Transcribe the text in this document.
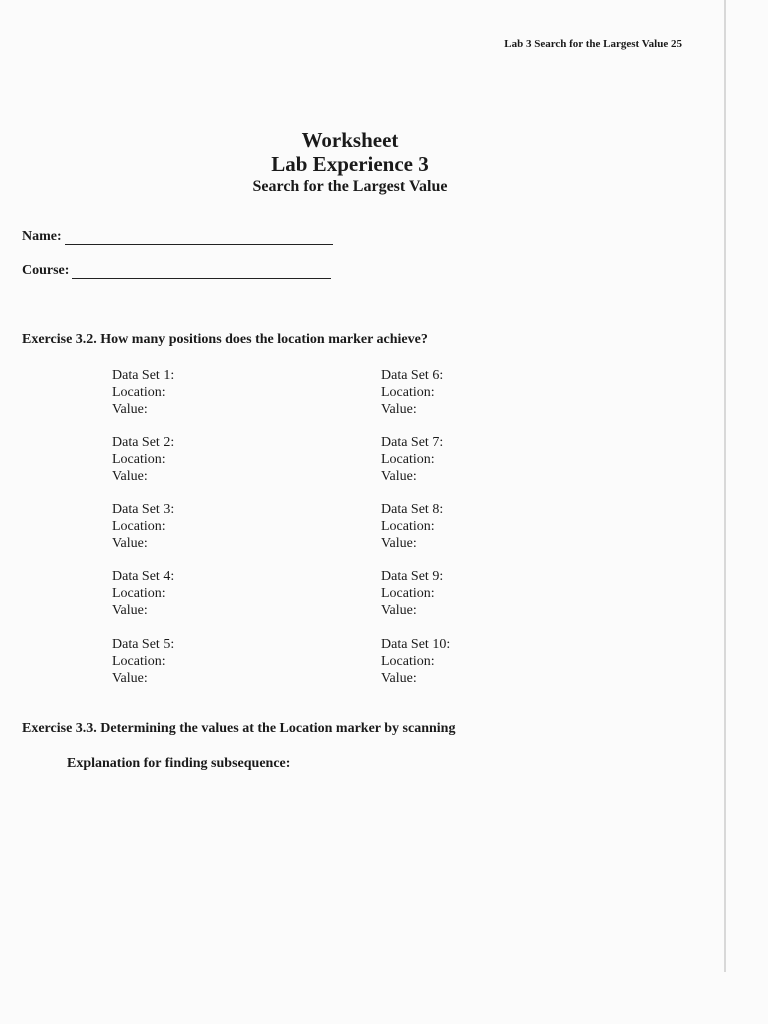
Lab 3 Search for the Largest Value 25
Worksheet
Lab Experience 3
Search for the Largest Value
Name:
Course:
Exercise 3.2. How many positions does the location marker achieve?
Data Set 1:
Location:
Value:
Data Set 2:
Location:
Value:
Data Set 3:
Location:
Value:
Data Set 4:
Location:
Value:
Data Set 5:
Location:
Value:
Data Set 6:
Location:
Value:
Data Set 7:
Location:
Value:
Data Set 8:
Location:
Value:
Data Set 9:
Location:
Value:
Data Set 10:
Location:
Value:
Exercise 3.3. Determining the values at the Location marker by scanning
Explanation for finding subsequence:
